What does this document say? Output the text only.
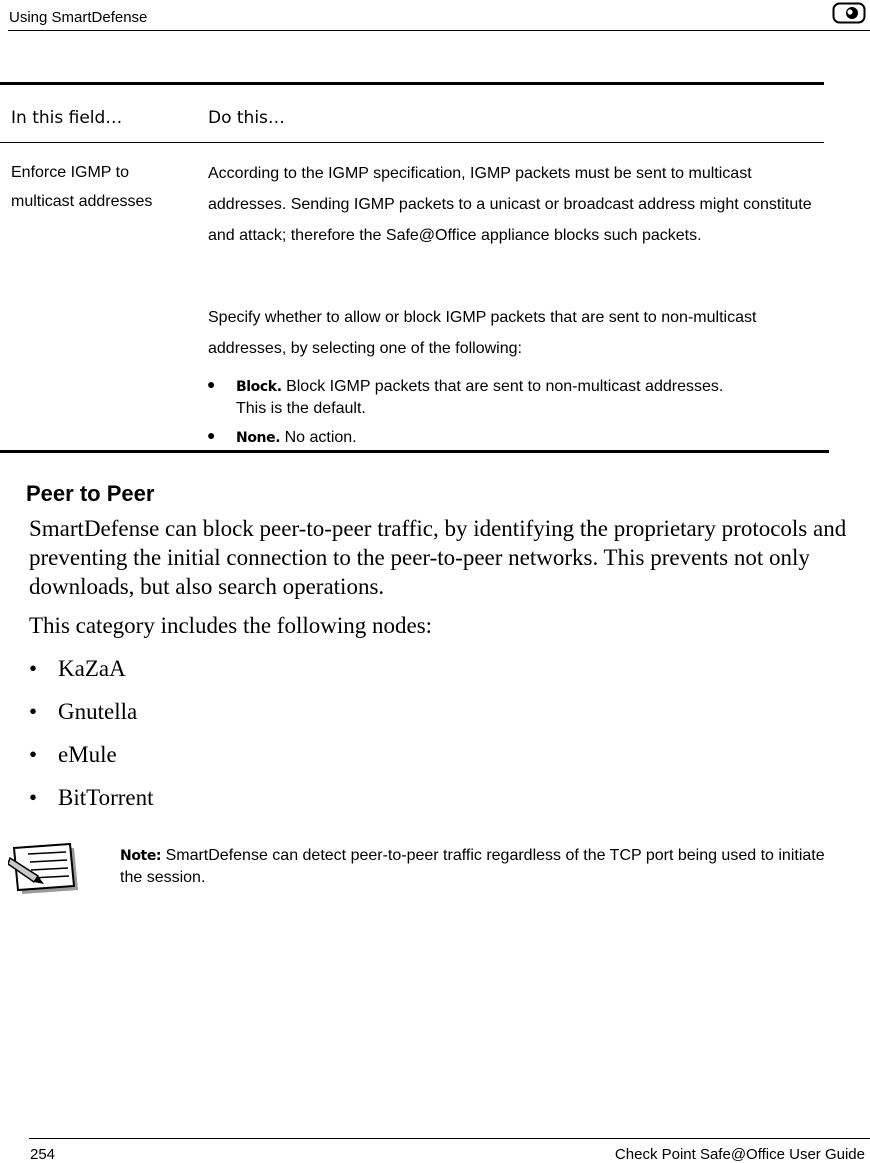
Using SmartDefense
In this field…	Do this…
Enforce IGMP to multicast addresses
According to the IGMP specification, IGMP packets must be sent to multicast addresses. Sending IGMP packets to a unicast or broadcast address might constitute and attack; therefore the Safe@Office appliance blocks such packets.
Specify whether to allow or block IGMP packets that are sent to non-multicast addresses, by selecting one of the following:
● Block. Block IGMP packets that are sent to non-multicast addresses. This is the default.
● None. No action.
Peer to Peer
SmartDefense can block peer-to-peer traffic, by identifying the proprietary protocols and preventing the initial connection to the peer-to-peer networks. This prevents not only downloads, but also search operations.
This category includes the following nodes:
• KaZaA
• Gnutella
• eMule
• BitTorrent
Note: SmartDefense can detect peer-to-peer traffic regardless of the TCP port being used to initiate the session.
254	Check Point Safe@Office User Guide
